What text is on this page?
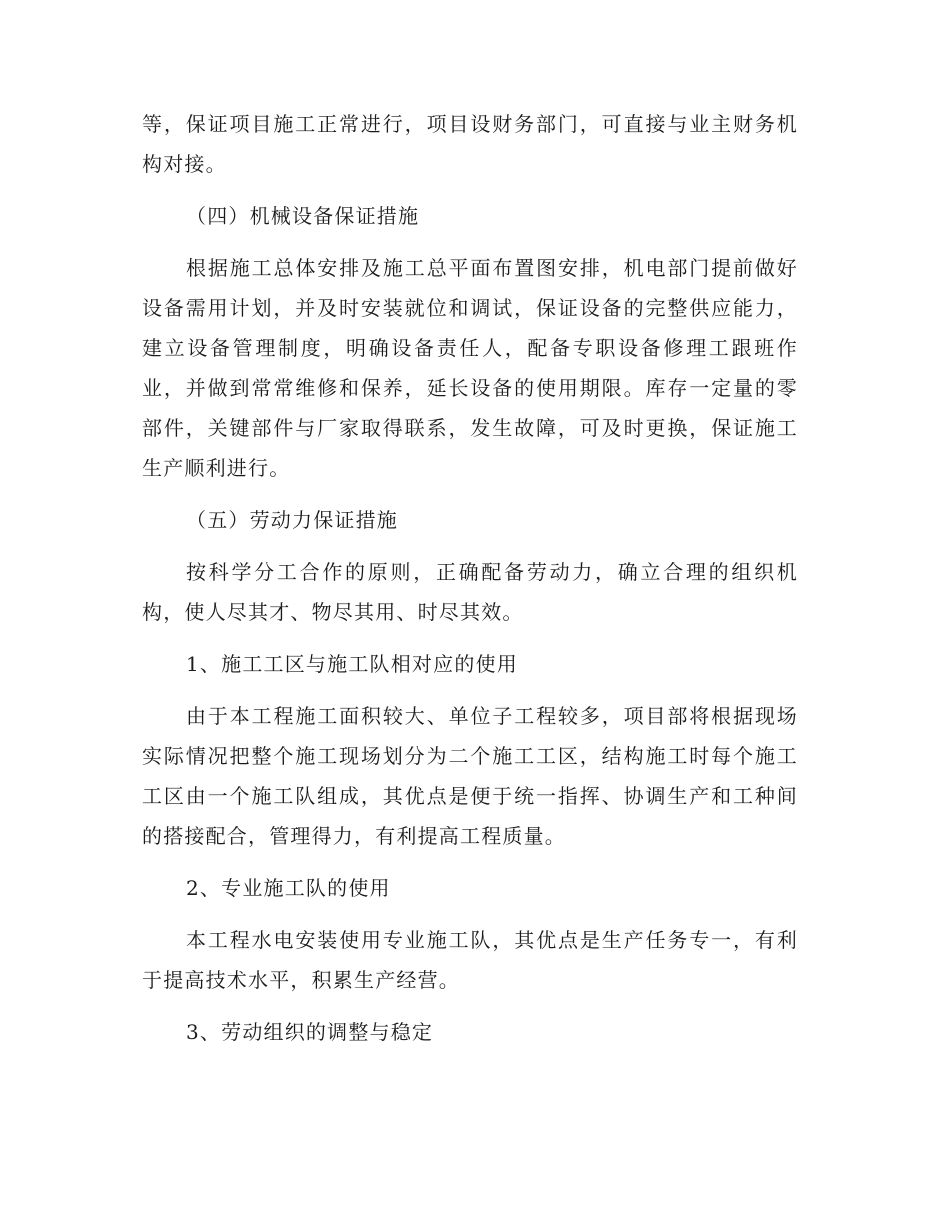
等，保证项目施工正常进行，项目设财务部门，可直接与业主财务机构对接。

（四）机械设备保证措施

根据施工总体安排及施工总平面布置图安排，机电部门提前做好设备需用计划，并及时安装就位和调试，保证设备的完整供应能力，建立设备管理制度，明确设备责任人，配备专职设备修理工跟班作业，并做到常常维修和保养，延长设备的使用期限。库存一定量的零部件，关键部件与厂家取得联系，发生故障，可及时更换，保证施工生产顺利进行。

（五）劳动力保证措施

按科学分工合作的原则，正确配备劳动力，确立合理的组织机构，使人尽其才、物尽其用、时尽其效。

1、施工工区与施工队相对应的使用

由于本工程施工面积较大、单位子工程较多，项目部将根据现场实际情况把整个施工现场划分为二个施工工区，结构施工时每个施工工区由一个施工队组成，其优点是便于统一指挥、协调生产和工种间的搭接配合，管理得力，有利提高工程质量。

2、专业施工队的使用

本工程水电安装使用专业施工队，其优点是生产任务专一，有利于提高技术水平，积累生产经营。

3、劳动组织的调整与稳定
